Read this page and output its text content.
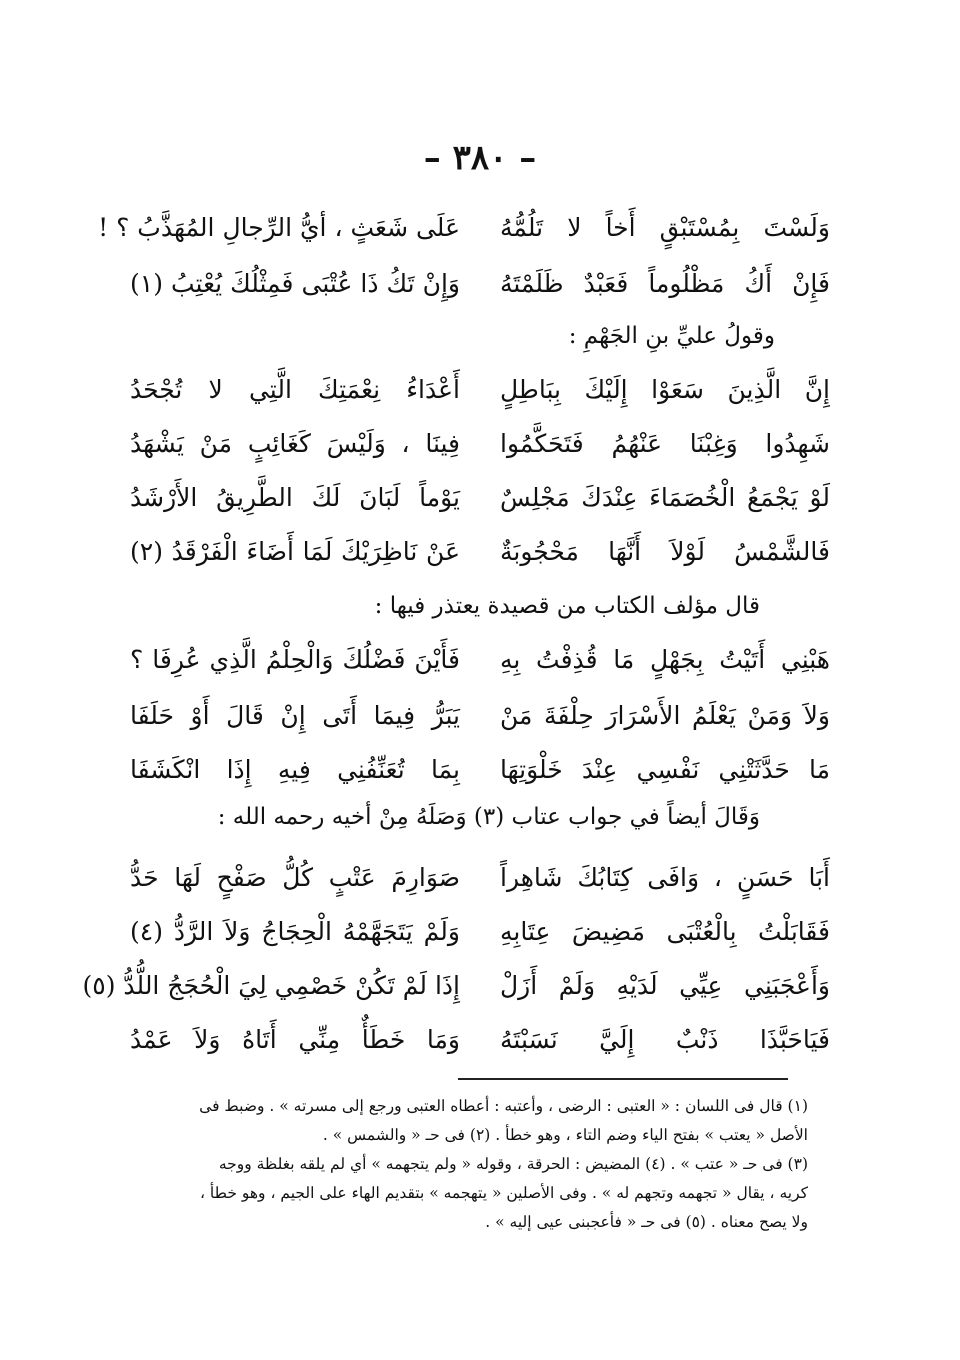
– ٣٨٠ –
وَلَسْتَ بِمُسْتَبْقٍ أَخاً لا تَلُمُّهُ
عَلَى شَعَثٍ ، أيُّ الرِّجالِ المُهَذَّبُ ؟ !
فَإِنْ أَكُ مَظْلُوماً فَعَبْدٌ ظَلَمْتَهُ
وَإِنْ تَكُ ذَا عُتْبَى فَمِثْلُكَ يُعْتِبُ (١)
وقولُ عليِّ بنِ الجَهْمِ :
إِنَّ الَّذِينَ سَعَوْا إِلَيْكَ بِبَاطِلٍ
أَعْدَاءُ نِعْمَتِكَ الَّتِي لا تُجْحَدُ
شَهِدُوا وَغِبْنَا عَنْهُمُ فَتَحَكَّمُوا
فِينَا ، وَلَيْسَ كَغَائِبٍ مَنْ يَشْهَدُ
لَوْ يَجْمَعُ الْخُصَمَاءَ عِنْدَكَ مَجْلِسٌ
يَوْماً لَبَانَ لَكَ الطَّرِيقُ الأَرْشَدُ
فَالشَّمْسُ لَوْلاَ أَنَّهَا مَحْجُوبَةٌ
عَنْ نَاظِرَيْكَ لَمَا أَضَاءَ الْفَرْقَدُ (٢)
قال مؤلف الكتاب من قصيدة يعتذر فيها :
هَبْنِي أَتَيْتُ بِجَهْلٍ مَا قُذِفْتُ بِهِ
فَأَيْنَ فَضْلُكَ وَالْحِلْمُ الَّذِي عُرِفَا ؟
وَلاَ وَمَنْ يَعْلَمُ الأَسْرَارَ حِلْفَةَ مَنْ
يَبَرُّ فِيمَا أَتَى إِنْ قَالَ أَوْ حَلَفَا
مَا حَدَّثَتْنِي نَفْسِي عِنْدَ خَلْوَتِهَا
بِمَا تُعَنِّفُنِي فِيهِ إِذَا انْكَشَفَا
وَقَالَ أيضاً في جواب عتاب (٣) وَصَلَهُ مِنْ أخيه رحمه الله :
أَبَا حَسَنٍ ، وَافَى كِتَابُكَ شَاهِراً
صَوَارِمَ عَتْبٍ كُلُّ صَفْحٍ لَهَا حَدُّ
فَقَابَلْتُ بِالْعُتْبَى مَضِيضَ عِتَابِهِ
وَلَمْ يَتَجَهَّمْهُ الْحِجَاجُ وَلاَ الرَّدُّ (٤)
وَأَعْجَبَنِي عِيِّي لَدَيْهِ وَلَمْ أَزَلْ
إِذَا لَمْ تَكُنْ خَصْمِي لِيَ الْحُجَجُ اللُّدُّ (٥)
فَيَاحَبَّذَا ذَنْبٌ إِلَيَّ نَسَبْتَهُ
وَمَا خَطَأٌ مِنِّي أَتَاهُ وَلاَ عَمْدُ
(١) قال فى اللسان : « العتبى : الرضى ، وأعتبه : أعطاه العتبى ورجع إلى مسرته » . وضبط فى
الأصل « يعتب » بفتح الياء وضم التاء ، وهو خطأ . (٢) فى حـ « والشمس » .
(٣) فى حـ « عتب » . (٤) المضيض : الحرقة ، وقوله « ولم يتجهمه » أي لم يلقه بغلظة ووجه
كريه ، يقال « تجهمه وتجهم له » . وفى الأصلين « يتهجمه » بتقديم الهاء على الجيم ، وهو خطأ ،
ولا يصح معناه . (٥) فى حـ « فأعجبنى عيى إليه » .
